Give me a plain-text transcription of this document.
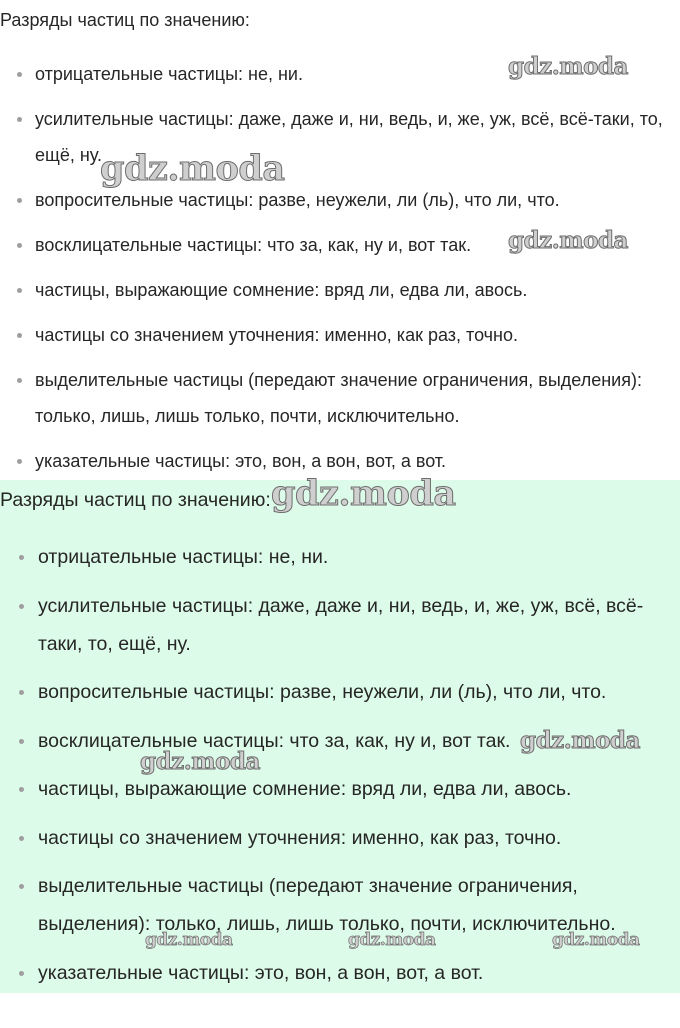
Разряды частиц по значению:
отрицательные частицы: не, ни.
усилительные частицы: даже, даже и, ни, ведь, и, же, уж, всё, всё-таки, то,
ещё, ну.
вопросительные частицы: разве, неужели, ли (ль), что ли, что.
восклицательные частицы: что за, как, ну и, вот так.
частицы, выражающие сомнение: вряд ли, едва ли, авось.
частицы со значением уточнения: именно, как раз, точно.
выделительные частицы (передают значение ограничения, выделения):
только, лишь, лишь только, почти, исключительно.
указательные частицы: это, вон, а вон, вот, а вот.
Разряды частиц по значению:
отрицательные частицы: не, ни.
усилительные частицы: даже, даже и, ни, ведь, и, же, уж, всё, всё-
таки, то, ещё, ну.
вопросительные частицы: разве, неужели, ли (ль), что ли, что.
восклицательные частицы: что за, как, ну и, вот так.
частицы, выражающие сомнение: вряд ли, едва ли, авось.
частицы со значением уточнения: именно, как раз, точно.
выделительные частицы (передают значение ограничения,
выделения): только, лишь, лишь только, почти, исключительно.
указательные частицы: это, вон, а вон, вот, а вот.
gdz.moda
gdz.moda
gdz.moda
gdz.moda
gdz.moda
gdz.moda
gdz.moda	gdz.moda	gdz.moda
